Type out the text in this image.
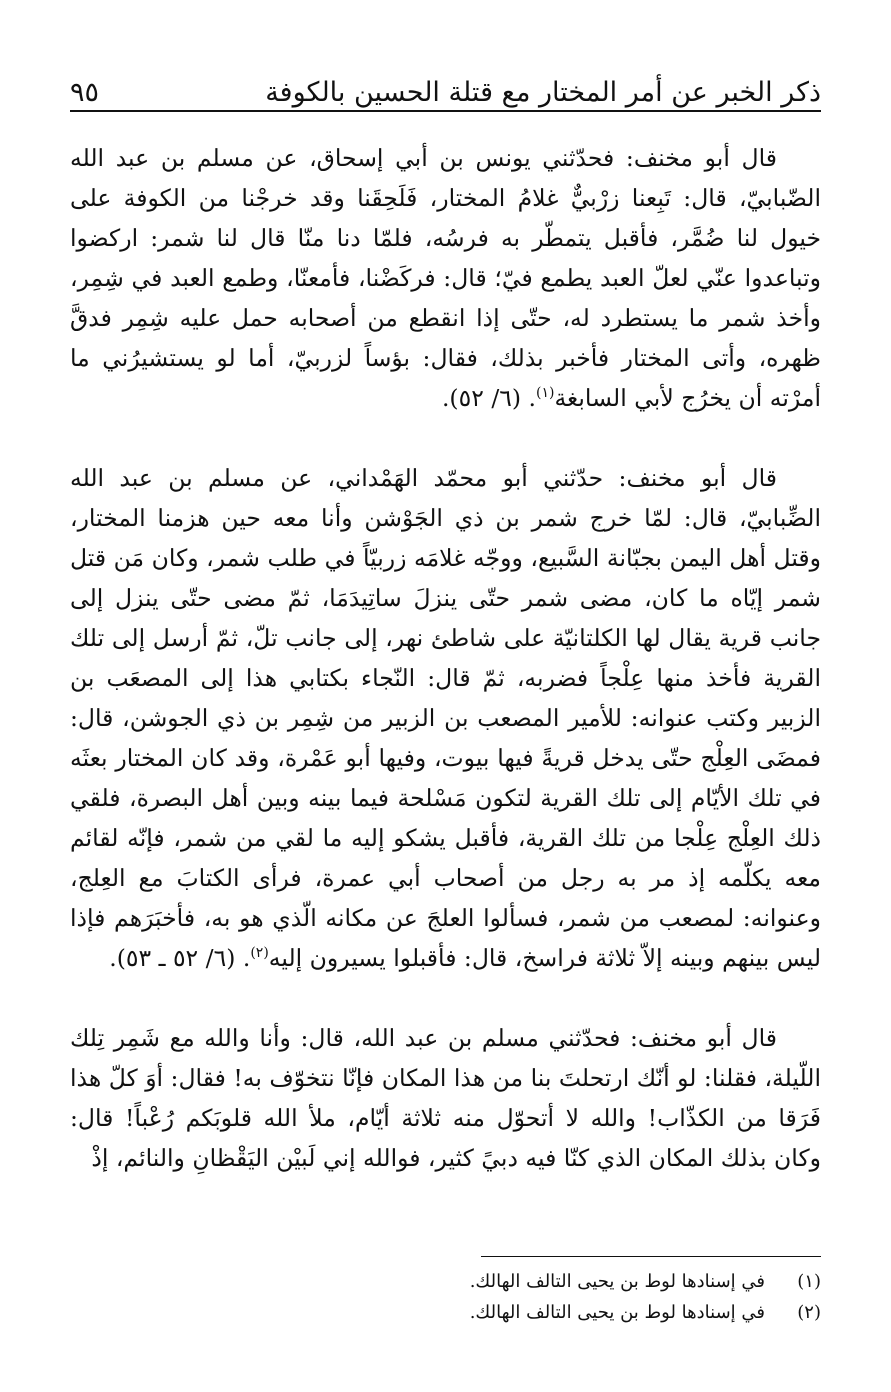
ذكر الخبر عن أمر المختار مع قتلة الحسين بالكوفة
٩٥

قال أبو مخنف: فحدّثني يونس بن أبي إسحاق، عن مسلم بن عبد الله الضّبابيّ، قال: تَبِعنا زرْبيٌّ غلامُ المختار، فَلَحِقَنا وقد خرجْنا من الكوفة على خيول لنا ضُمَّر، فأقبل يتمطّر به فرسُه، فلمّا دنا منّا قال لنا شمر: اركضوا وتباعدوا عنّي لعلّ العبد يطمع فيّ؛ قال: فركَضْنا، فأمعنّا، وطمع العبد في شِمِر، وأخذ شمر ما يستطرد له، حتّى إذا انقطع من أصحابه حمل عليه شِمِر فدقَّ ظهره، وأتى المختار فأخبر بذلك، فقال: بؤساً لزربيّ، أما لو يستشيرُني ما أمرْته أن يخرُج لأبي السابغة$^{(١)}$. (٦/ ٥٢).

قال أبو مخنف: حدّثني أبو محمّد الهَمْداني، عن مسلم بن عبد الله الضِّبابيّ، قال: لمّا خرج شمر بن ذي الجَوْشن وأنا معه حين هزمنا المختار، وقتل أهل اليمن بجبّانة السَّبيع، ووجّه غلامَه زربيّاً في طلب شمر، وكان مَن قتل شمر إيّاه ما كان، مضى شمر حتّى ينزلَ ساتِيدَمَا، ثمّ مضى حتّى ينزل إلى جانب قرية يقال لها الكلتانيّة على شاطئ نهر، إلى جانب تلّ، ثمّ أرسل إلى تلك القرية فأخذ منها عِلْجاً فضربه، ثمّ قال: النّجاء بكتابي هذا إلى المصعَب بن الزبير وكتب عنوانه: للأمير المصعب بن الزبير من شِمِر بن ذي الجوشن، قال: فمضَى العِلْج حتّى يدخل قريةً فيها بيوت، وفيها أبو عَمْرة، وقد كان المختار بعثَه في تلك الأيّام إلى تلك القرية لتكون مَسْلحة فيما بينه وبين أهل البصرة، فلقي ذلك العِلْج عِلْجا من تلك القرية، فأقبل يشكو إليه ما لقي من شمر، فإنّه لقائم معه يكلّمه إذ مر به رجل من أصحاب أبي عمرة، فرأى الكتابَ مع العِلج، وعنوانه: لمصعب من شمر، فسألوا العلجَ عن مكانه الّذي هو به، فأخبَرَهم فإذا ليس بينهم وبينه إلاّ ثلاثة فراسخ، قال: فأقبلوا يسيرون إليه$^{(٢)}$. (٦/ ٥٢ ـ ٥٣).

قال أبو مخنف: فحدّثني مسلم بن عبد الله، قال: وأنا والله مع شَمِر تِلك اللّيلة، فقلنا: لو أنّك ارتحلتَ بنا من هذا المكان فإنّا نتخوّف به! فقال: أوَ كلّ هذا فَرَقا من الكذّاب! والله لا أتحوّل منه ثلاثة أيّام، ملأ الله قلوبَكم رُعْباً! قال: وكان بذلك المكان الذي كنّا فيه دبيً كثير، فوالله إني لَبيْن اليَقْظانِ والنائم، إذْ

(١)
في إسنادها لوط بن يحيى التالف الهالك.
(٢)
في إسنادها لوط بن يحيى التالف الهالك.
